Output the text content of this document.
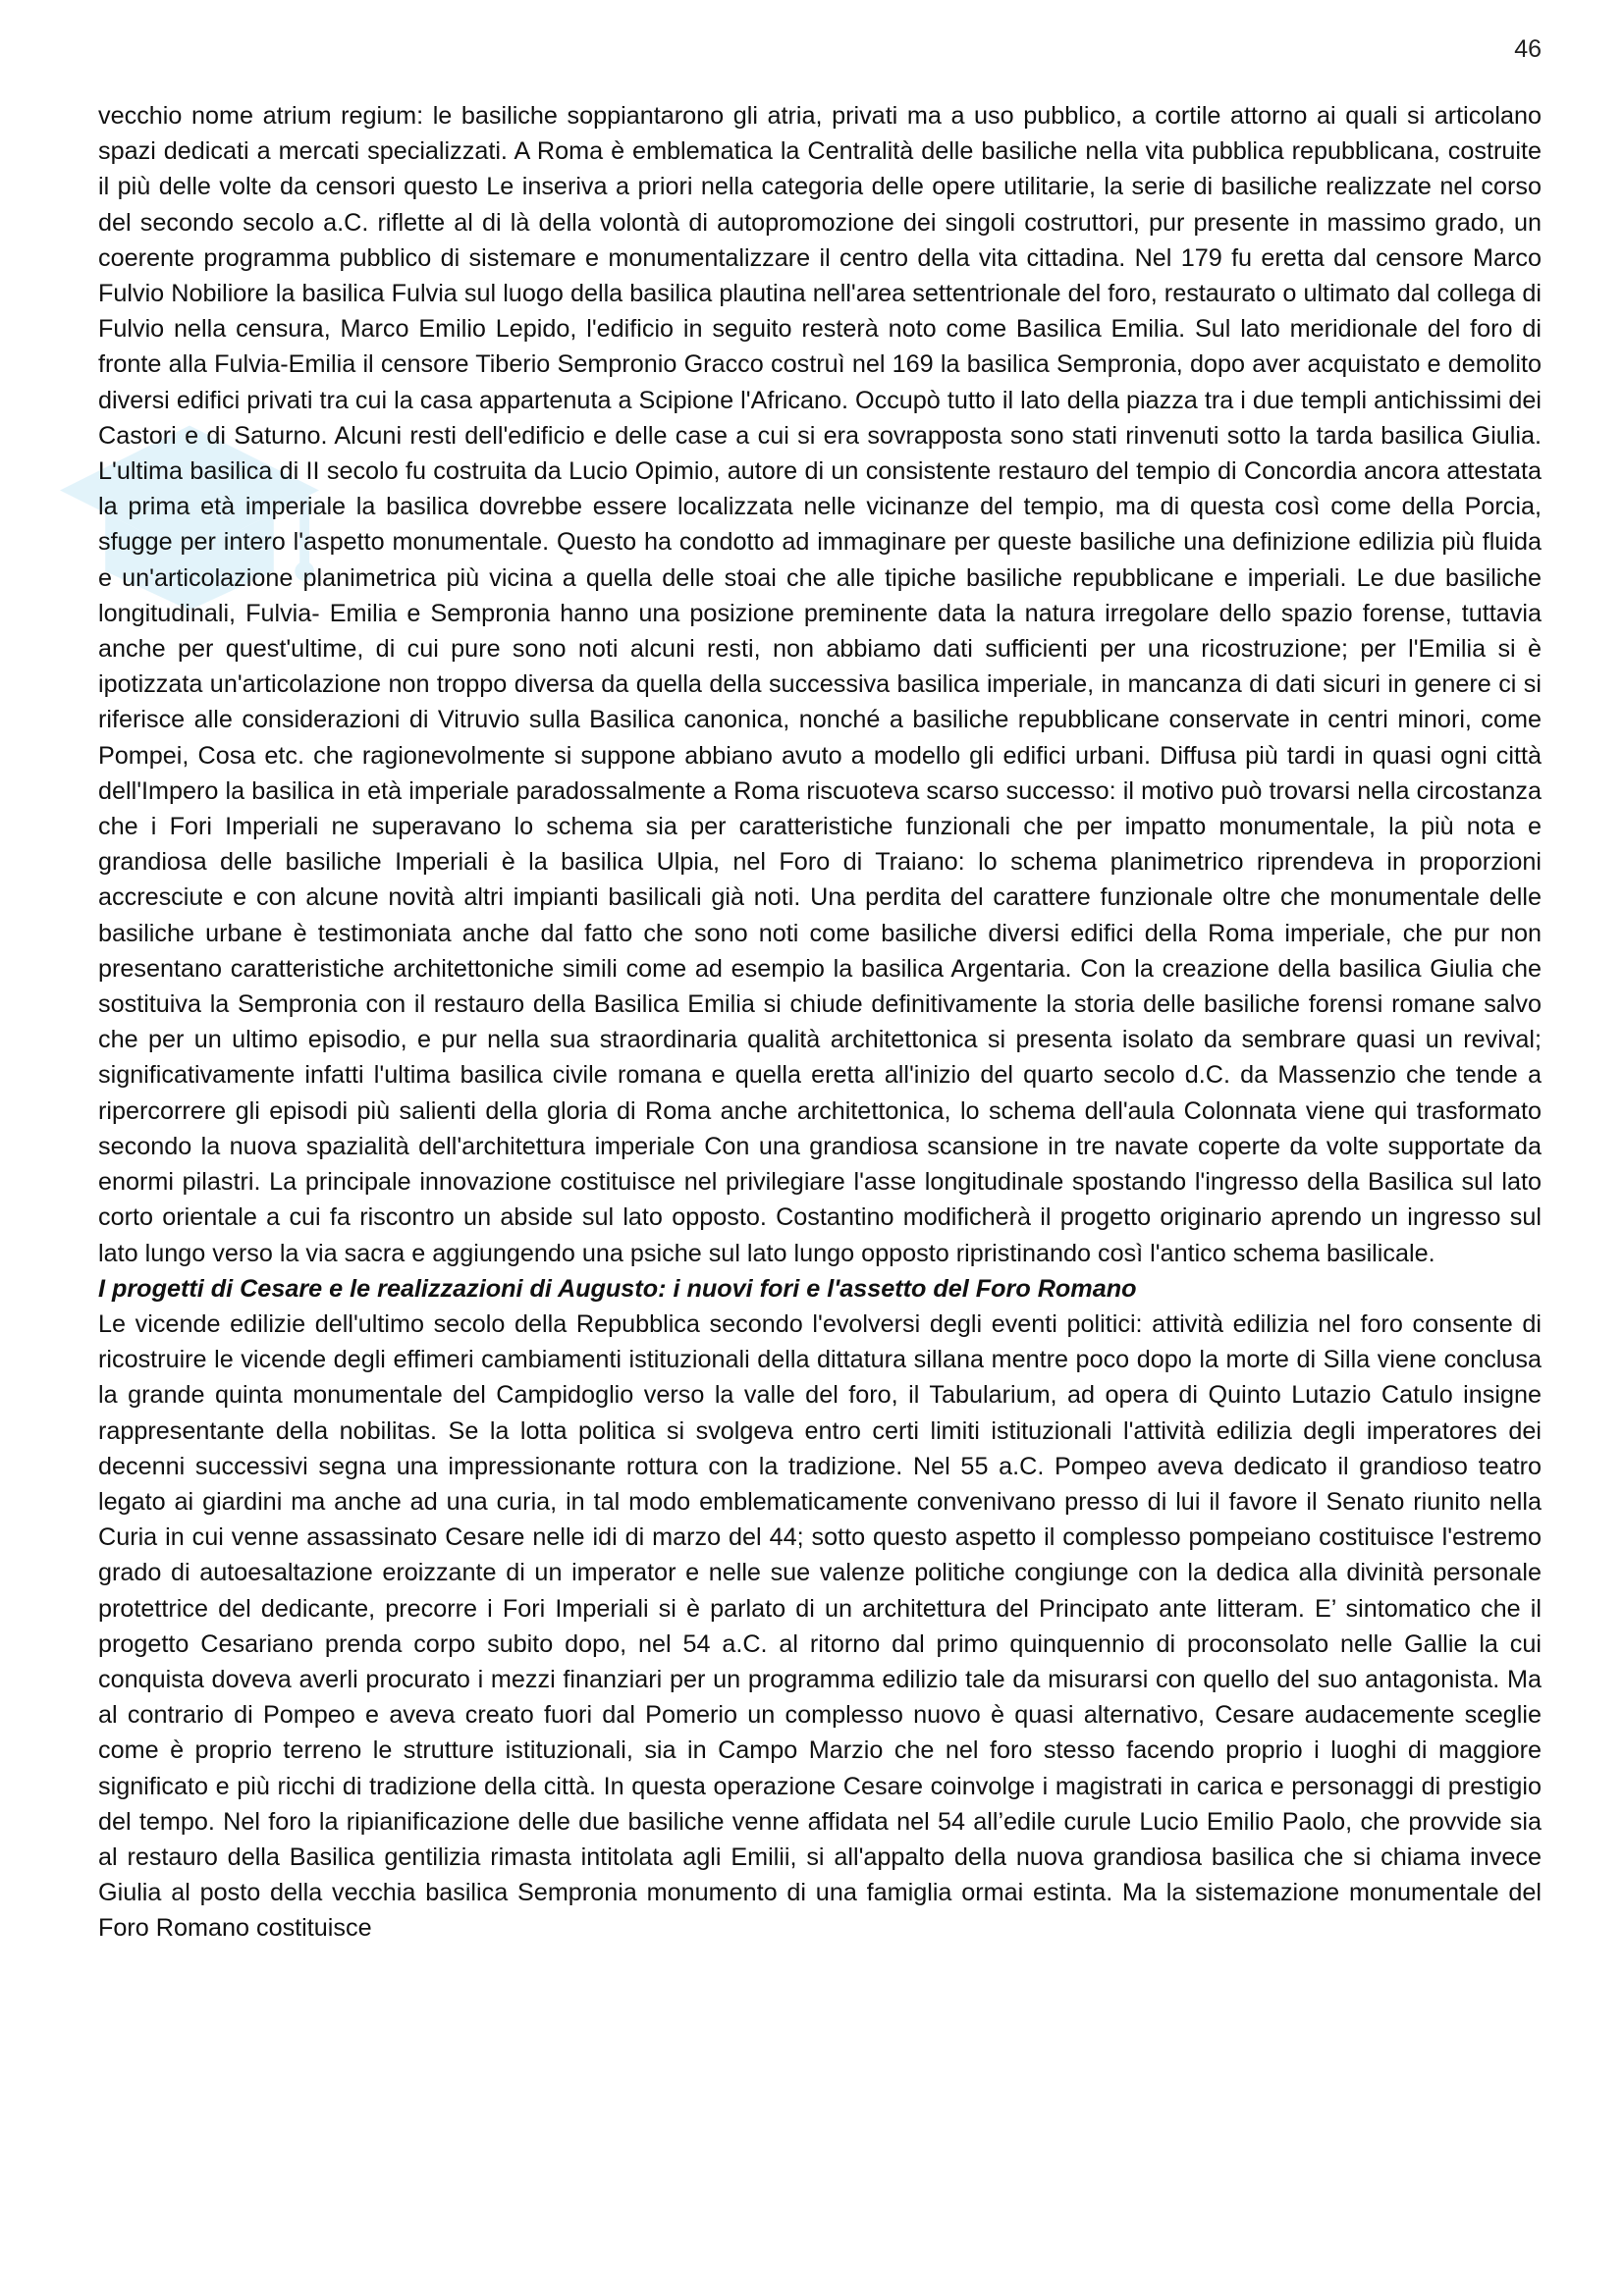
46

vecchio nome atrium regium: le basiliche soppiantarono gli atria, privati ma a uso pubblico, a cortile attorno ai quali si articolano spazi dedicati a mercati specializzati. A Roma è emblematica la Centralità delle basiliche nella vita pubblica repubblicana, costruite il più delle volte da censori questo Le inseriva a priori nella categoria delle opere utilitarie, la serie di basiliche realizzate nel corso del secondo secolo a.C. riflette al di là della volontà di autopromozione dei singoli costruttori, pur presente in massimo grado, un coerente programma pubblico di sistemare e monumentalizzare il centro della vita cittadina. Nel 179 fu eretta dal censore Marco Fulvio Nobiliore la basilica Fulvia sul luogo della basilica plautina nell'area settentrionale del foro, restaurato o ultimato dal collega di Fulvio nella censura, Marco Emilio Lepido, l'edificio in seguito resterà noto come Basilica Emilia. Sul lato meridionale del foro di fronte alla Fulvia-Emilia il censore Tiberio Sempronio Gracco costruì nel 169 la basilica Sempronia, dopo aver acquistato e demolito diversi edifici privati tra cui la casa appartenuta a Scipione l'Africano. Occupò tutto il lato della piazza tra i due templi antichissimi dei Castori e di Saturno. Alcuni resti dell'edificio e delle case a cui si era sovrapposta sono stati rinvenuti sotto la tarda basilica Giulia. L'ultima basilica di II secolo fu costruita da Lucio Opimio, autore di un consistente restauro del tempio di Concordia ancora attestata la prima età imperiale la basilica dovrebbe essere localizzata nelle vicinanze del tempio, ma di questa così come della Porcia, sfugge per intero l'aspetto monumentale. Questo ha condotto ad immaginare per queste basiliche una definizione edilizia più fluida e un'articolazione planimetrica più vicina a quella delle stoai che alle tipiche basiliche repubblicane e imperiali. Le due basiliche longitudinali, Fulvia- Emilia e Sempronia hanno una posizione preminente data la natura irregolare dello spazio forense, tuttavia anche per quest'ultime, di cui pure sono noti alcuni resti, non abbiamo dati sufficienti per una ricostruzione; per l'Emilia si è ipotizzata un'articolazione non troppo diversa da quella della successiva basilica imperiale, in mancanza di dati sicuri in genere ci si riferisce alle considerazioni di Vitruvio sulla Basilica canonica, nonché a basiliche repubblicane conservate in centri minori, come Pompei, Cosa etc. che ragionevolmente si suppone abbiano avuto a modello gli edifici urbani. Diffusa più tardi in quasi ogni città dell'Impero la basilica in età imperiale paradossalmente a Roma riscuoteva scarso successo: il motivo può trovarsi nella circostanza che i Fori Imperiali ne superavano lo schema sia per caratteristiche funzionali che per impatto monumentale, la più nota e grandiosa delle basiliche Imperiali è la basilica Ulpia, nel Foro di Traiano: lo schema planimetrico riprendeva in proporzioni accresciute e con alcune novità altri impianti basilicali già noti. Una perdita del carattere funzionale oltre che monumentale delle basiliche urbane è testimoniata anche dal fatto che sono noti come basiliche diversi edifici della Roma imperiale, che pur non presentano caratteristiche architettoniche simili come ad esempio la basilica Argentaria. Con la creazione della basilica Giulia che sostituiva la Sempronia con il restauro della Basilica Emilia si chiude definitivamente la storia delle basiliche forensi romane salvo che per un ultimo episodio, e pur nella sua straordinaria qualità architettonica si presenta isolato da sembrare quasi un revival; significativamente infatti l'ultima basilica civile romana e quella eretta all'inizio del quarto secolo d.C. da Massenzio che tende a ripercorrere gli episodi più salienti della gloria di Roma anche architettonica, lo schema dell'aula Colonnata viene qui trasformato secondo la nuova spazialità dell'architettura imperiale Con una grandiosa scansione in tre navate coperte da volte supportate da enormi pilastri. La principale innovazione costituisce nel privilegiare l'asse longitudinale spostando l'ingresso della Basilica sul lato corto orientale a cui fa riscontro un abside sul lato opposto. Costantino modificherà il progetto originario aprendo un ingresso sul lato lungo verso la via sacra e aggiungendo una psiche sul lato lungo opposto ripristinando così l'antico schema basilicale.

I progetti di Cesare e le realizzazioni di Augusto: i nuovi fori e l'assetto del Foro Romano

Le vicende edilizie dell'ultimo secolo della Repubblica secondo l'evolversi degli eventi politici: attività edilizia nel foro consente di ricostruire le vicende degli effimeri cambiamenti istituzionali della dittatura sillana mentre poco dopo la morte di Silla viene conclusa la grande quinta monumentale del Campidoglio verso la valle del foro, il Tabularium, ad opera di Quinto Lutazio Catulo insigne rappresentante della nobilitas. Se la lotta politica si svolgeva entro certi limiti istituzionali l'attività edilizia degli imperatores dei decenni successivi segna una impressionante rottura con la tradizione. Nel 55 a.C. Pompeo aveva dedicato il grandioso teatro legato ai giardini ma anche ad una curia, in tal modo emblematicamente convenivano presso di lui il favore il Senato riunito nella Curia in cui venne assassinato Cesare nelle idi di marzo del 44; sotto questo aspetto il complesso pompeiano costituisce l'estremo grado di autoesaltazione eroizzante di un imperator e nelle sue valenze politiche congiunge con la dedica alla divinità personale protettrice del dedicante, precorre i Fori Imperiali si è parlato di un architettura del Principato ante litteram. E’ sintomatico che il progetto Cesariano prenda corpo subito dopo, nel 54 a.C. al ritorno dal primo quinquennio di proconsolato nelle Gallie la cui conquista doveva averli procurato i mezzi finanziari per un programma edilizio tale da misurarsi con quello del suo antagonista. Ma al contrario di Pompeo e aveva creato fuori dal Pomerio un complesso nuovo è quasi alternativo, Cesare audacemente sceglie come è proprio terreno le strutture istituzionali, sia in Campo Marzio che nel foro stesso facendo proprio i luoghi di maggiore significato e più ricchi di tradizione della città. In questa operazione Cesare coinvolge i magistrati in carica e personaggi di prestigio del tempo. Nel foro la ripianificazione delle due basiliche venne affidata nel 54 all’edile curule Lucio Emilio Paolo, che provvide sia al restauro della Basilica gentilizia rimasta intitolata agli Emilii, si all'appalto della nuova grandiosa basilica che si chiama invece Giulia al posto della vecchia basilica Sempronia monumento di una famiglia ormai estinta. Ma la sistemazione monumentale del Foro Romano costituisce
